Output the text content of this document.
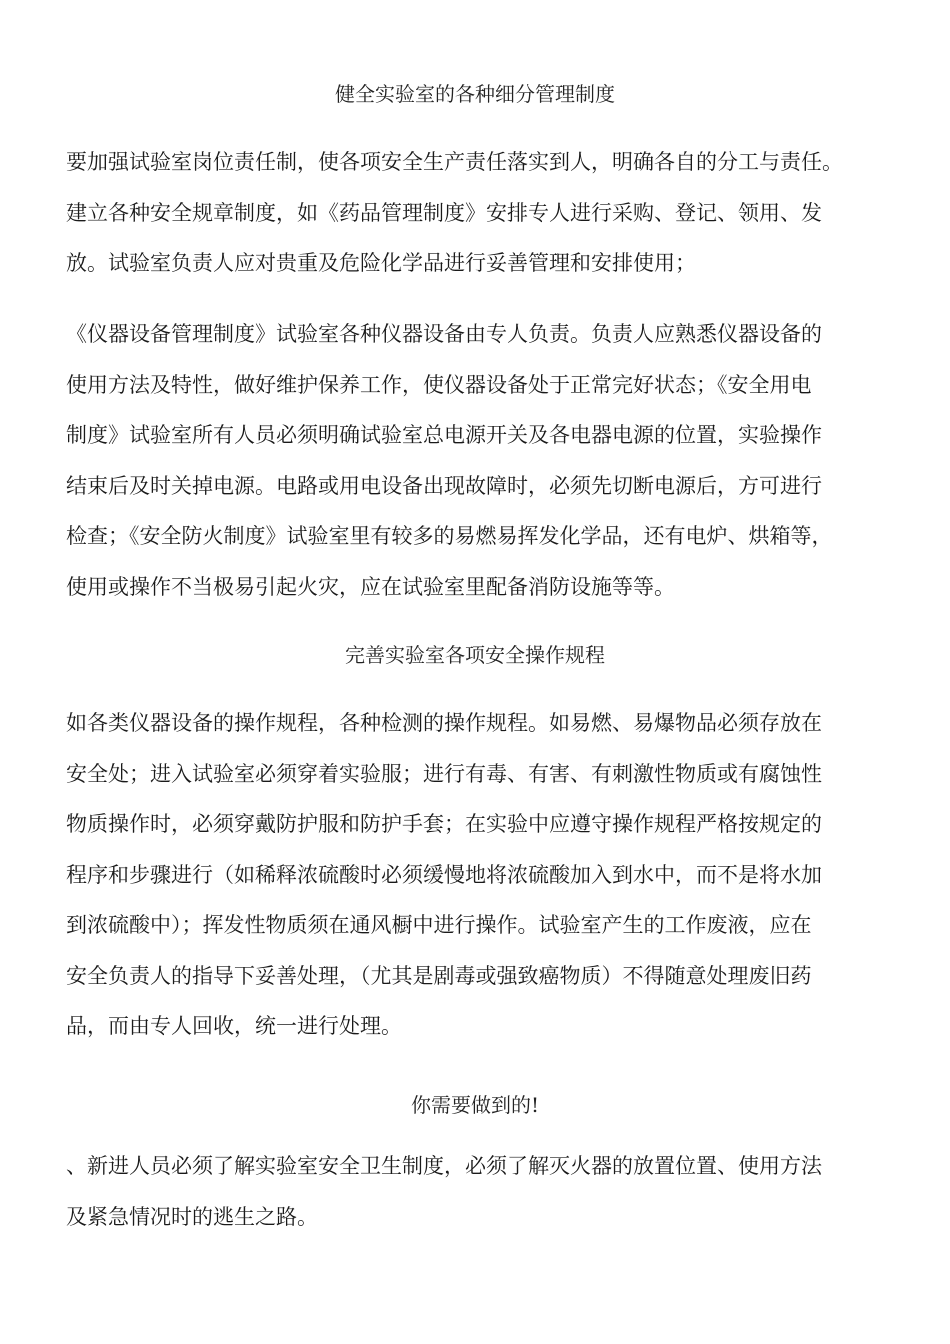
健全实验室的各种细分管理制度
要加强试验室岗位责任制，使各项安全生产责任落实到人，明确各自的分工与责任。
建立各种安全规章制度，如《药品管理制度》安排专人进行采购、登记、领用、发
放。试验室负责人应对贵重及危险化学品进行妥善管理和安排使用；
《仪器设备管理制度》试验室各种仪器设备由专人负责。负责人应熟悉仪器设备的
使用方法及特性，做好维护保养工作，使仪器设备处于正常完好状态；《安全用电
制度》试验室所有人员必须明确试验室总电源开关及各电器电源的位置，实验操作
结束后及时关掉电源。电路或用电设备出现故障时，必须先切断电源后，方可进行
检查；《安全防火制度》试验室里有较多的易燃易挥发化学品，还有电炉、烘箱等，
使用或操作不当极易引起火灾，应在试验室里配备消防设施等等。
完善实验室各项安全操作规程
如各类仪器设备的操作规程，各种检测的操作规程。如易燃、易爆物品必须存放在
安全处；进入试验室必须穿着实验服；进行有毒、有害、有刺激性物质或有腐蚀性
物质操作时，必须穿戴防护服和防护手套；在实验中应遵守操作规程严格按规定的
程序和步骤进行（如稀释浓硫酸时必须缓慢地将浓硫酸加入到水中，而不是将水加
到浓硫酸中）；挥发性物质须在通风橱中进行操作。试验室产生的工作废液，应在
安全负责人的指导下妥善处理，（尤其是剧毒或强致癌物质）不得随意处理废旧药
品，而由专人回收，统一进行处理。
你需要做到的!
、新进人员必须了解实验室安全卫生制度，必须了解灭火器的放置位置、使用方法
及紧急情况时的逃生之路。
